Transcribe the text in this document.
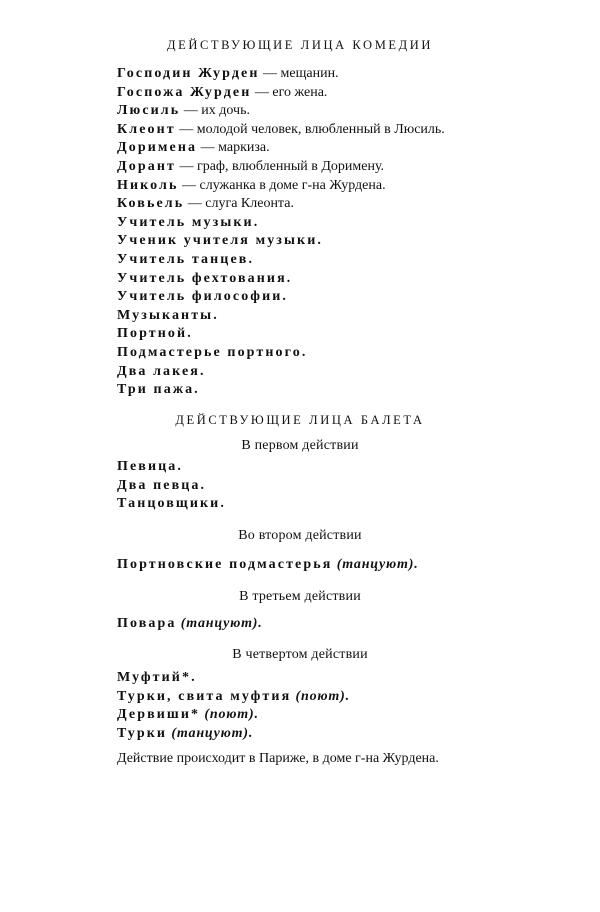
ДЕЙСТВУЮЩИЕ ЛИЦА КОМЕДИИ
Господин Журден — мещанин.
Госпожа Журден — его жена.
Люсиль — их дочь.
Клеонт — молодой человек, влюбленный в Люсиль.
Доримена — маркиза.
Дорант — граф, влюбленный в Доримену.
Николь — служанка в доме г-на Журдена.
Ковьель — слуга Клеонта.
Учитель музыки.
Ученик учителя музыки.
Учитель танцев.
Учитель фехтования.
Учитель философии.
Музыканты.
Портной.
Подмастерье портного.
Два лакея.
Три пажа.
ДЕЙСТВУЮЩИЕ ЛИЦА БАЛЕТА
В первом действии
Певица.
Два певца.
Танцовщики.
Во втором действии
Портновские подмастерья (танцуют).
В третьем действии
Повара (танцуют).
В четвертом действии
Муфтий*.
Турки, свита муфтия (поют).
Дервиши* (поют).
Турки (танцуют).
Действие происходит в Париже, в доме г-на Журдена.
